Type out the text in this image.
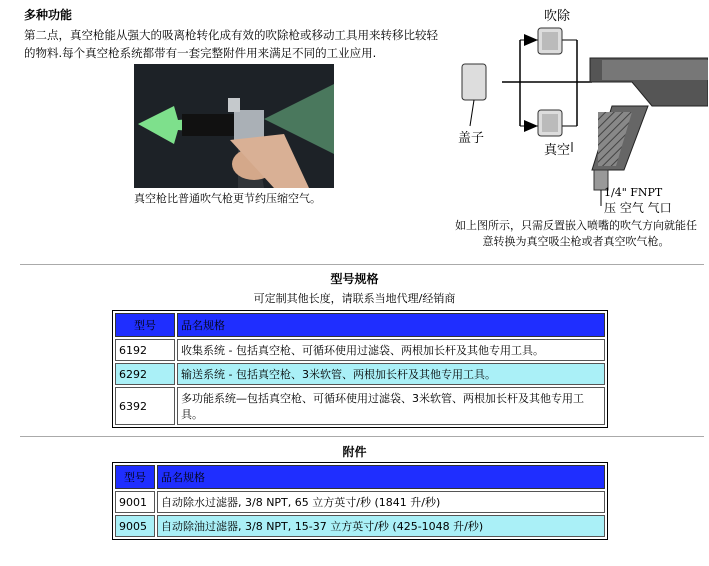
多种功能
第二点，真空枪能从强大的吸离枪转化成有效的吹除枪或移动工具用来转移比较轻的物料.每个真空枪系统都带有一套完整附件用来满足不同的工业应用.
真空枪比普通吹气枪更节约压缩空气。
吹除
盖子
真空
1/4" FNPT
压 空气 气口
如上图所示，只需反置嵌入喷嘴的吹气方向就能任意转换为真空吸尘枪或者真空吹气枪。
型号规格
可定制其他长度，请联系当地代理/经销商
型号	品名规格
6192	收集系统 - 包括真空枪、可循环使用过滤袋、两根加长杆及其他专用工具。
6292	输送系统 - 包括真空枪、3米软管、两根加长杆及其他专用工具。
6392	多功能系统—包括真空枪、可循环使用过滤袋、3米软管、两根加长杆及其他专用工具。
附件
型号	品名规格
9001	自动除水过滤器, 3/8 NPT, 65 立方英寸/秒 (1841 升/秒)
9005	自动除油过滤器, 3/8 NPT, 15-37 立方英寸/秒 (425-1048 升/秒)
